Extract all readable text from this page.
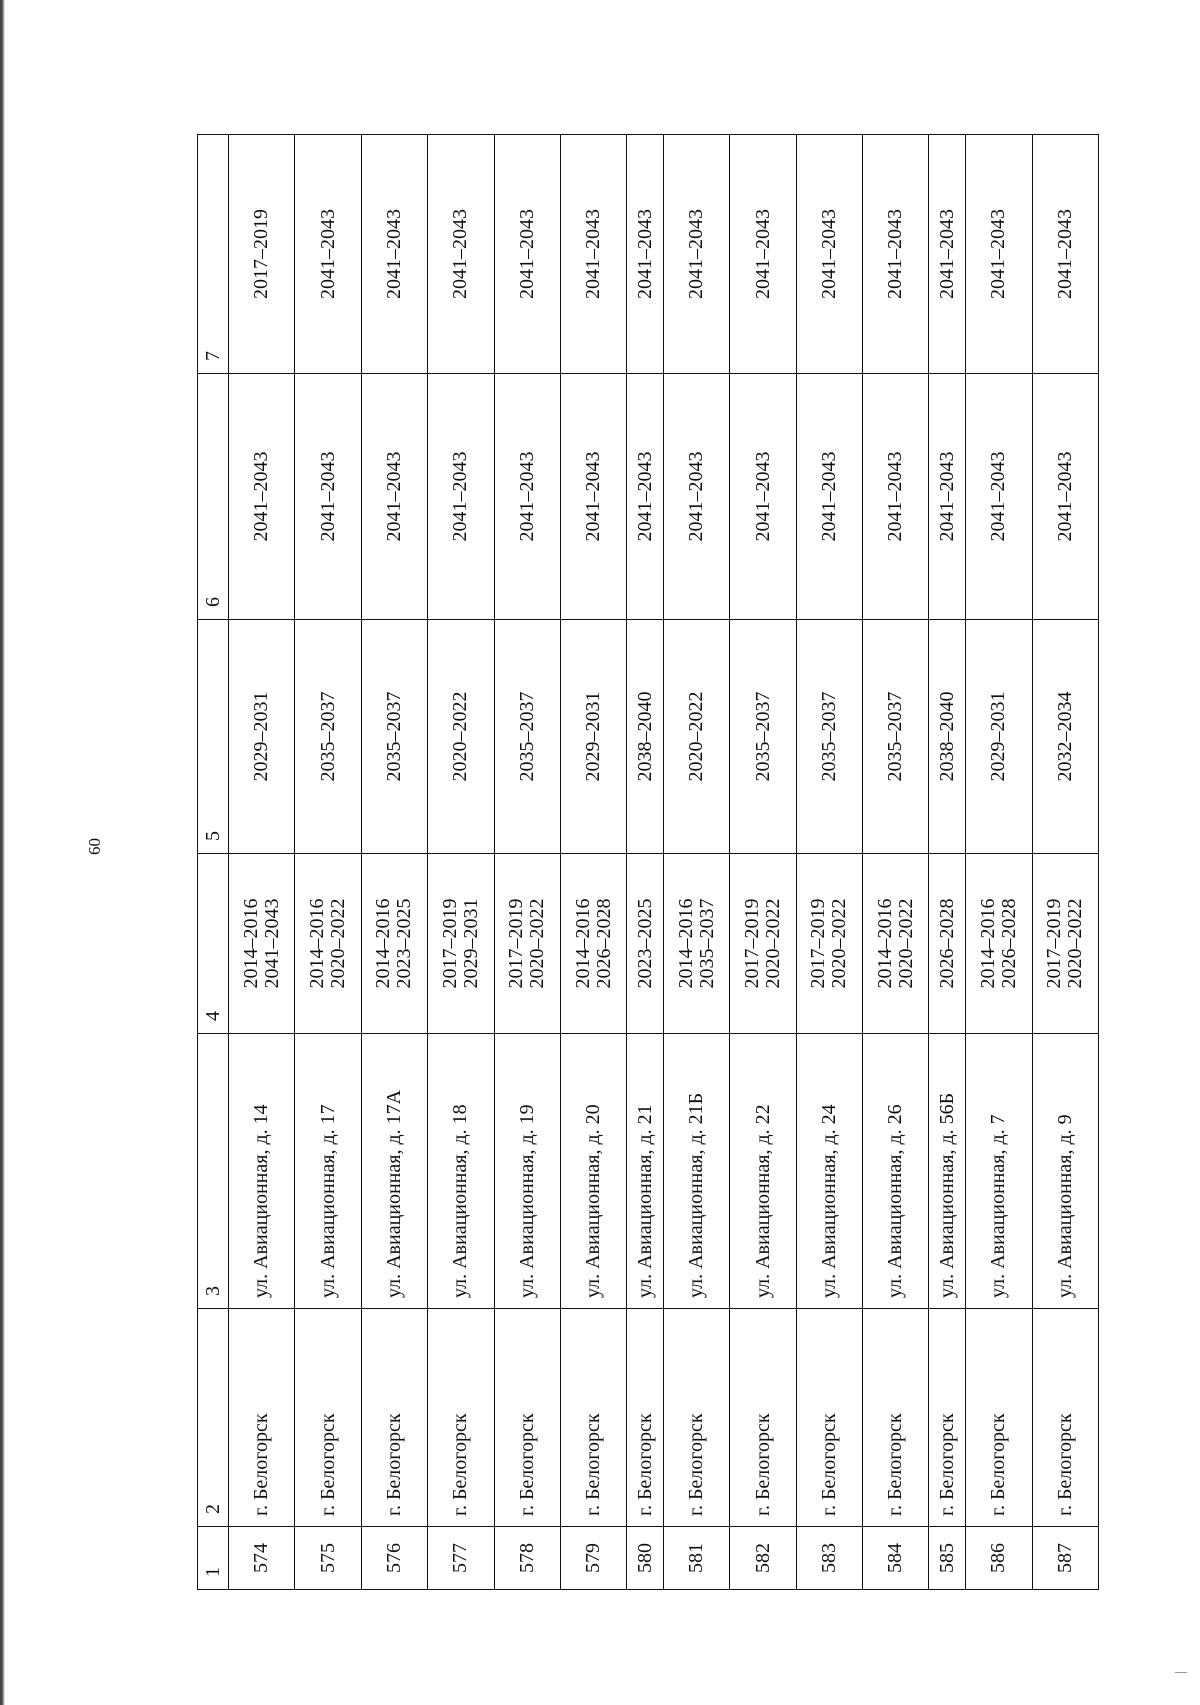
60
1	2	3	4	5	6	7
574	г. Белогорск	ул. Авиационная, д. 14	2014–2016 2041–2043	2029–2031	2041–2043	2017–2019
575	г. Белогорск	ул. Авиационная, д. 17	2014–2016 2020–2022	2035–2037	2041–2043	2041–2043
576	г. Белогорск	ул. Авиационная, д. 17А	2014–2016 2023–2025	2035–2037	2041–2043	2041–2043
577	г. Белогорск	ул. Авиационная, д. 18	2017–2019 2029–2031	2020–2022	2041–2043	2041–2043
578	г. Белогорск	ул. Авиационная, д. 19	2017–2019 2020–2022	2035–2037	2041–2043	2041–2043
579	г. Белогорск	ул. Авиационная, д. 20	2014–2016 2026–2028	2029–2031	2041–2043	2041–2043
580	г. Белогорск	ул. Авиационная, д. 21	2023–2025	2038–2040	2041–2043	2041–2043
581	г. Белогорск	ул. Авиационная, д. 21Б	2014–2016 2035–2037	2020–2022	2041–2043	2041–2043
582	г. Белогорск	ул. Авиационная, д. 22	2017–2019 2020–2022	2035–2037	2041–2043	2041–2043
583	г. Белогорск	ул. Авиационная, д. 24	2017–2019 2020–2022	2035–2037	2041–2043	2041–2043
584	г. Белогорск	ул. Авиационная, д. 26	2014–2016 2020–2022	2035–2037	2041–2043	2041–2043
585	г. Белогорск	ул. Авиационная, д. 56Б	2026–2028	2038–2040	2041–2043	2041–2043
586	г. Белогорск	ул. Авиационная, д. 7	2014–2016 2026–2028	2029–2031	2041–2043	2041–2043
587	г. Белогорск	ул. Авиационная, д. 9	2017–2019 2020–2022	2032–2034	2041–2043	2041–2043
